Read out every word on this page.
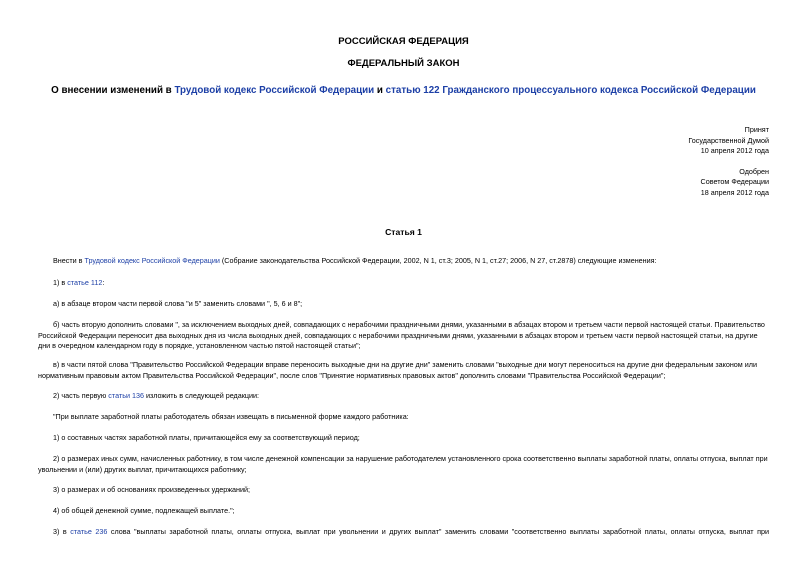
РОССИЙСКАЯ ФЕДЕРАЦИЯ
ФЕДЕРАЛЬНЫЙ ЗАКОН
О внесении изменений в Трудовой кодекс Российской Федерации и статью 122 Гражданского процессуального кодекса Российской Федерации
Принят
Государственной Думой
10 апреля 2012 года
Одобрен
Советом Федерации
18 апреля 2012 года
Статья 1
Внести в Трудовой кодекс Российской Федерации (Собрание законодательства Российской Федерации, 2002, N 1, ст.3; 2005, N 1, ст.27; 2006, N 27, ст.2878) следующие изменения:
1) в статье 112:
а) в абзаце втором части первой слова "и 5" заменить словами ", 5, 6 и 8";
б) часть вторую дополнить словами ", за исключением выходных дней, совпадающих с нерабочими праздничными днями, указанными в абзацах втором и третьем части первой настоящей статьи. Правительство Российской Федерации переносит два выходных дня из числа выходных дней, совпадающих с нерабочими праздничными днями, указанными в абзацах втором и третьем части первой настоящей статьи, на другие дни в очередном календарном году в порядке, установленном частью пятой настоящей статьи";
в) в части пятой слова "Правительство Российской Федерации вправе переносить выходные дни на другие дни" заменить словами "выходные дни могут переноситься на другие дни федеральным законом или нормативным правовым актом Правительства Российской Федерации", после слов "Принятие нормативных правовых актов" дополнить словами "Правительства Российской Федерации";
2) часть первую статьи 136 изложить в следующей редакции:
"При выплате заработной платы работодатель обязан извещать в письменной форме каждого работника:
1) о составных частях заработной платы, причитающейся ему за соответствующий период;
2) о размерах иных сумм, начисленных работнику, в том числе денежной компенсации за нарушение работодателем установленного срока соответственно выплаты заработной платы, оплаты отпуска, выплат при увольнении и (или) других выплат, причитающихся работнику;
3) о размерах и об основаниях произведенных удержаний;
4) об общей денежной сумме, подлежащей выплате.";
3) в статье 236 слова "выплаты заработной платы, оплаты отпуска, выплат при увольнении и других выплат" заменить словами "соответственно выплаты заработной платы, оплаты отпуска, выплат при
